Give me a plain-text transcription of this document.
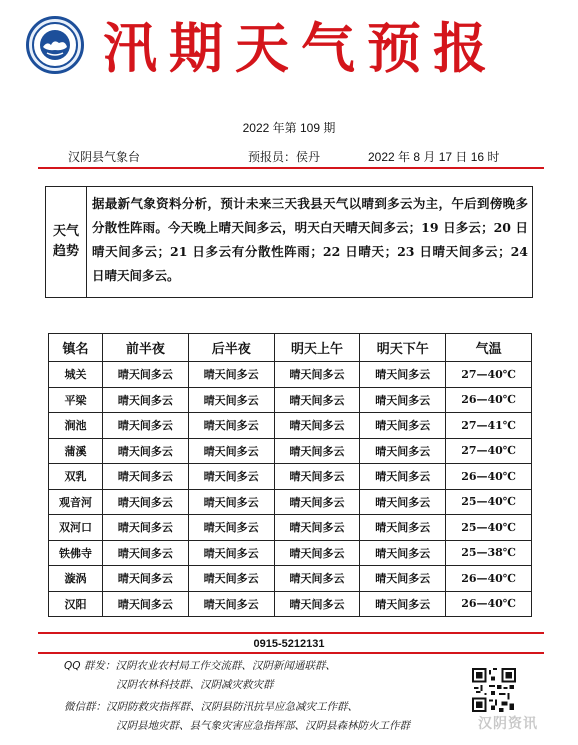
汛期天气预报
2022 年第 109 期
汉阴县气象台	预报员：侯丹	2022 年 8 月 17 日 16 时
天气趋势
据最新气象资料分析，预计未来三天我县天气以晴到多云为主，午后到傍晚多分散性阵雨。今天晚上晴天间多云，明天白天晴天间多云；19 日多云；20 日晴天间多云；21 日多云有分散性阵雨；22 日晴天；23 日晴天间多云；24 日晴天间多云。
镇名	前半夜	后半夜	明天上午	明天下午	气温
城关	晴天间多云	晴天间多云	晴天间多云	晴天间多云	27—40℃
平梁	晴天间多云	晴天间多云	晴天间多云	晴天间多云	26—40℃
涧池	晴天间多云	晴天间多云	晴天间多云	晴天间多云	27—41℃
蒲溪	晴天间多云	晴天间多云	晴天间多云	晴天间多云	27—40℃
双乳	晴天间多云	晴天间多云	晴天间多云	晴天间多云	26—40℃
观音河	晴天间多云	晴天间多云	晴天间多云	晴天间多云	25—40℃
双河口	晴天间多云	晴天间多云	晴天间多云	晴天间多云	25—40℃
铁佛寺	晴天间多云	晴天间多云	晴天间多云	晴天间多云	25—38℃
漩涡	晴天间多云	晴天间多云	晴天间多云	晴天间多云	26—40℃
汉阳	晴天间多云	晴天间多云	晴天间多云	晴天间多云	26—40℃
0915-5212131
QQ 群发：汉阴农业农村局工作交流群、汉阴新闻通联群、
汉阴农林科技群、汉阴减灾救灾群
微信群：汉阴防救灾指挥群、汉阴县防汛抗旱应急减灾工作群、
汉阴县地灾群、县气象灾害应急指挥部、汉阴县森林防火工作群	汉阴资讯
